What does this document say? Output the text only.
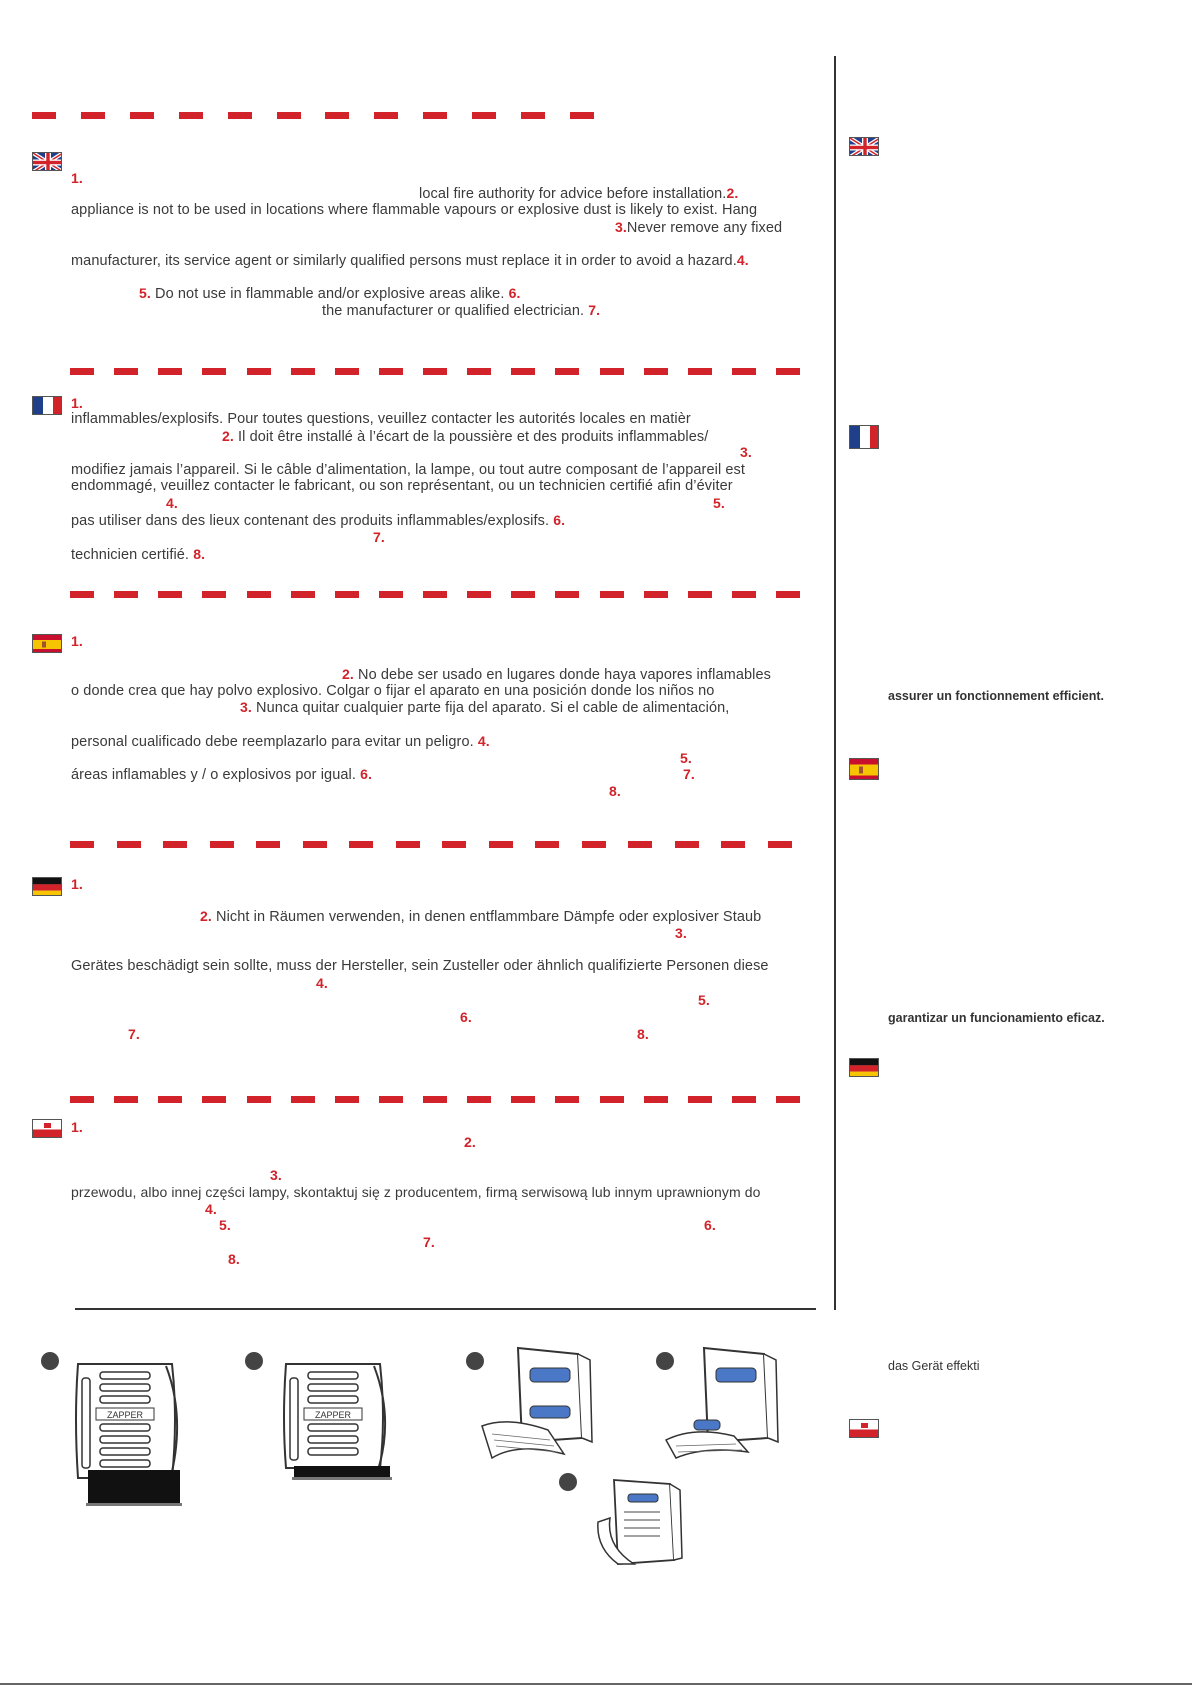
1.
local fire authority for advice before installation.2.
appliance is not to be used in locations where flammable vapours or explosive dust is likely to exist. Hang
3.Never remove any fixed
manufacturer, its service agent or similarly qualified persons must replace it in order to avoid a hazard.4.
5. Do not use in flammable and/or explosive areas alike. 6.
the manufacturer or qualified electrician. 7.
1.
inflammables/explosifs. Pour toutes questions, veuillez contacter les autorités locales en matièr
2. Il doit être installé à l’écart de la poussière et des produits inflammables/
3.
modifiez jamais l’appareil. Si le câble d’alimentation, la lampe, ou tout autre composant de l’appareil est
endommagé, veuillez contacter le fabricant, ou son représentant, ou un technicien certifié afin d’éviter
4.	5.
pas utiliser dans des lieux contenant des produits inflammables/explosifs. 6.
7.
technicien certifié. 8.
1.
2. No debe ser usado en lugares donde haya vapores inflamables
o donde crea que hay polvo explosivo. Colgar o fijar el aparato en una posición donde los niños no
3. Nunca quitar cualquier parte fija del aparato. Si el cable de alimentación,
personal cualificado debe reemplazarlo para evitar un peligro. 4.
5.
áreas inflamables y / o explosivos por igual. 6.	7.
8.
1.
2. Nicht in Räumen verwenden, in denen entflammbare Dämpfe oder explosiver Staub
3.
Gerätes beschädigt sein sollte, muss der Hersteller, sein Zusteller oder ähnlich qualifizierte Personen diese
4.
5.
6.
7.	8.
1.
2.
3.
przewodu, albo innej części lampy, skontaktuj się z producentem, firmą serwisową lub innym uprawnionym do
4.
5.	6.
7.
8.
assurer un fonctionnement efficient.
garantizar un funcionamiento eficaz.
das Gerät effekti
ZAPPER	ZAPPER
